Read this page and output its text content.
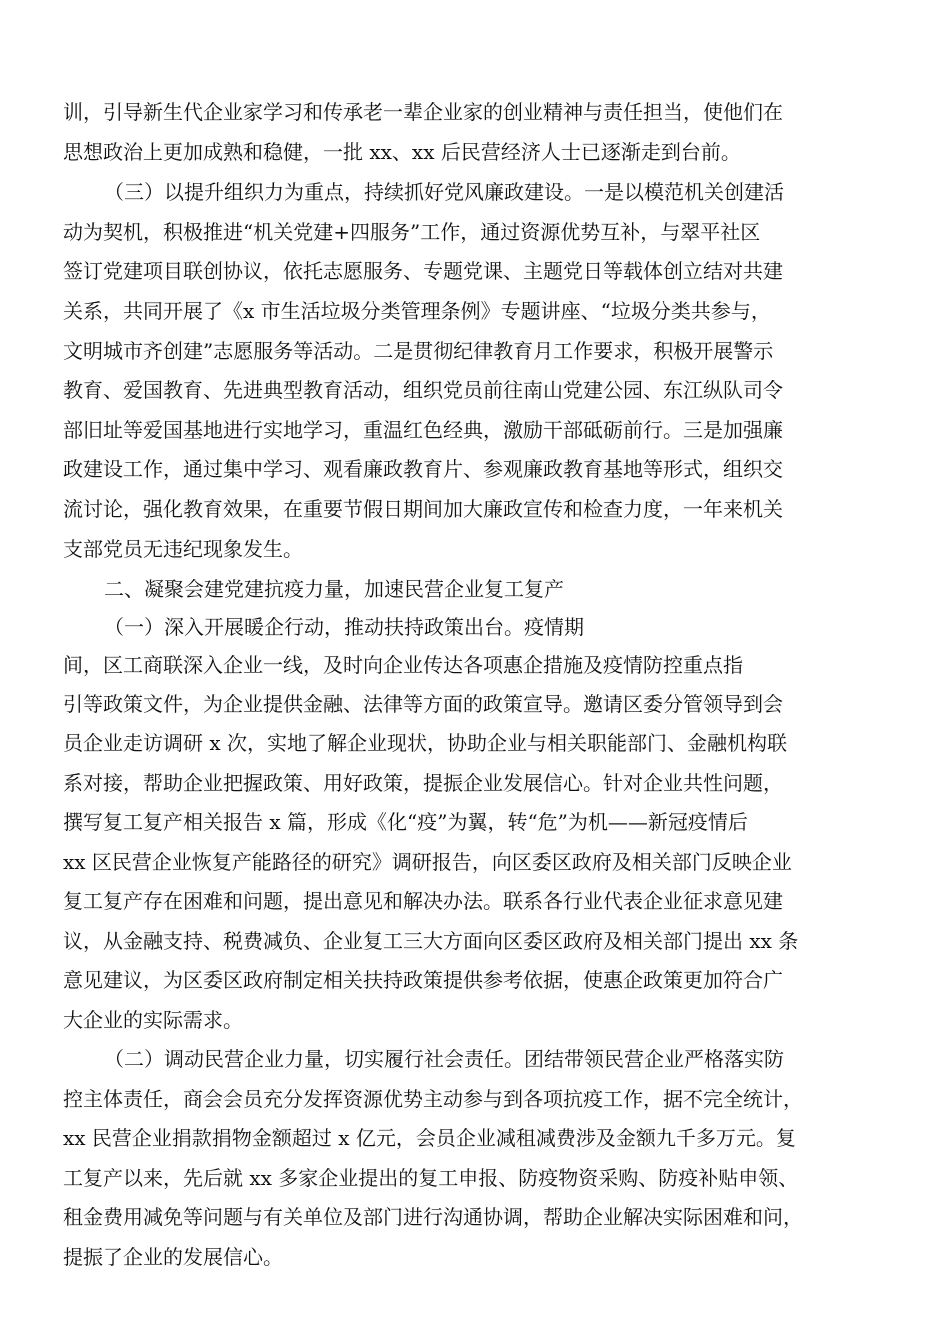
训，引导新生代企业家学习和传承老一辈企业家的创业精神与责任担当，使他们在
思想政治上更加成熟和稳健，一批 xx、xx 后民营经济人士已逐渐走到台前。
（三）以提升组织力为重点，持续抓好党风廉政建设。一是以模范机关创建活
动为契机，积极推进“机关党建+四服务”工作，通过资源优势互补，与翠平社区
签订党建项目联创协议，依托志愿服务、专题党课、主题党日等载体创立结对共建
关系，共同开展了《x 市生活垃圾分类管理条例》专题讲座、“垃圾分类共参与，
文明城市齐创建”志愿服务等活动。二是贯彻纪律教育月工作要求，积极开展警示
教育、爱国教育、先进典型教育活动，组织党员前往南山党建公园、东江纵队司令
部旧址等爱国基地进行实地学习，重温红色经典，激励干部砥砺前行。三是加强廉
政建设工作，通过集中学习、观看廉政教育片、参观廉政教育基地等形式，组织交
流讨论，强化教育效果，在重要节假日期间加大廉政宣传和检查力度，一年来机关
支部党员无违纪现象发生。
二、凝聚会建党建抗疫力量，加速民营企业复工复产
（一）深入开展暖企行动，推动扶持政策出台。疫情期
间，区工商联深入企业一线，及时向企业传达各项惠企措施及疫情防控重点指
引等政策文件，为企业提供金融、法律等方面的政策宣导。邀请区委分管领导到会
员企业走访调研 x 次，实地了解企业现状，协助企业与相关职能部门、金融机构联
系对接，帮助企业把握政策、用好政策，提振企业发展信心。针对企业共性问题，
撰写复工复产相关报告 x 篇，形成《化“疫”为翼，转“危”为机——新冠疫情后
xx 区民营企业恢复产能路径的研究》调研报告，向区委区政府及相关部门反映企业
复工复产存在困难和问题，提出意见和解决办法。联系各行业代表企业征求意见建
议，从金融支持、税费减负、企业复工三大方面向区委区政府及相关部门提出 xx 条
意见建议，为区委区政府制定相关扶持政策提供参考依据，使惠企政策更加符合广
大企业的实际需求。
（二）调动民营企业力量，切实履行社会责任。团结带领民营企业严格落实防
控主体责任，商会会员充分发挥资源优势主动参与到各项抗疫工作，据不完全统计，
xx 民营企业捐款捐物金额超过 x 亿元，会员企业减租减费涉及金额九千多万元。复
工复产以来，先后就 xx 多家企业提出的复工申报、防疫物资采购、防疫补贴申领、
租金费用减免等问题与有关单位及部门进行沟通协调，帮助企业解决实际困难和问，
提振了企业的发展信心。
